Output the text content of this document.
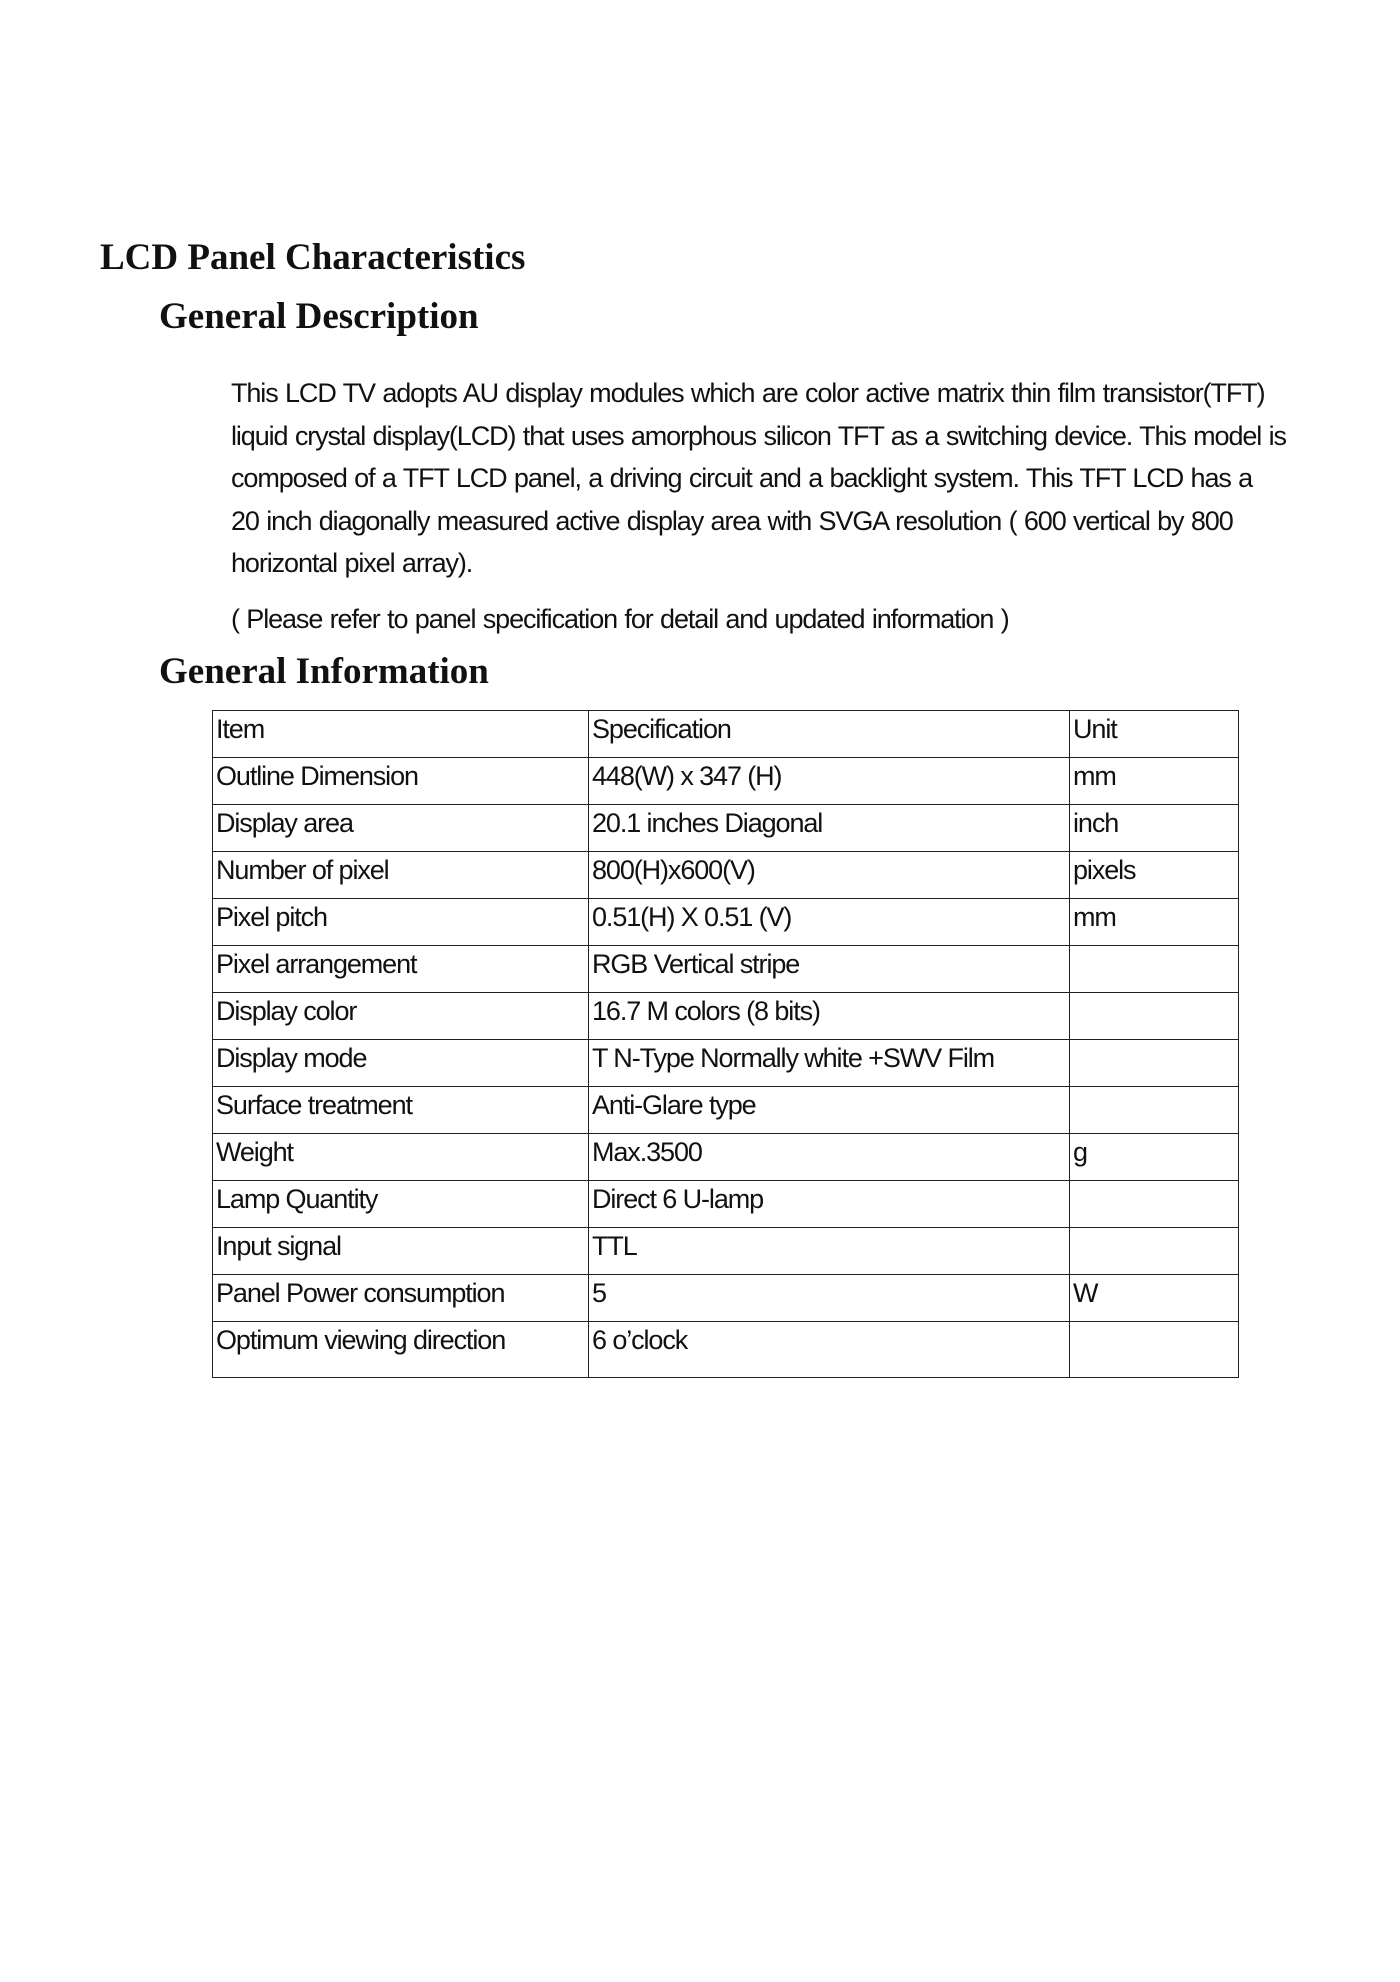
LCD Panel Characteristics
General Description
This LCD TV adopts AU display modules which are color active matrix thin film transistor(TFT)
liquid crystal display(LCD) that uses amorphous silicon TFT as a switching device. This model is
composed of a TFT LCD panel, a driving circuit and a backlight system. This TFT LCD has a
20 inch diagonally measured active display area with SVGA resolution ( 600 vertical by 800
horizontal pixel array).
( Please refer to panel specification for detail and updated information )
General Information
Item	Specification	Unit
Outline Dimension	448(W) x 347 (H)	mm
Display area	20.1 inches Diagonal	inch
Number of pixel	800(H)x600(V)	pixels
Pixel pitch	0.51(H) X 0.51 (V)	mm
Pixel arrangement	RGB Vertical stripe	
Display color	16.7 M colors (8 bits)	
Display mode	T N-Type Normally white +SWV Film	
Surface treatment	Anti-Glare type	
Weight	Max.3500	g
Lamp Quantity	Direct 6 U-lamp	
Input signal	TTL	
Panel Power consumption	5	W
Optimum viewing direction	6 o’clock	
